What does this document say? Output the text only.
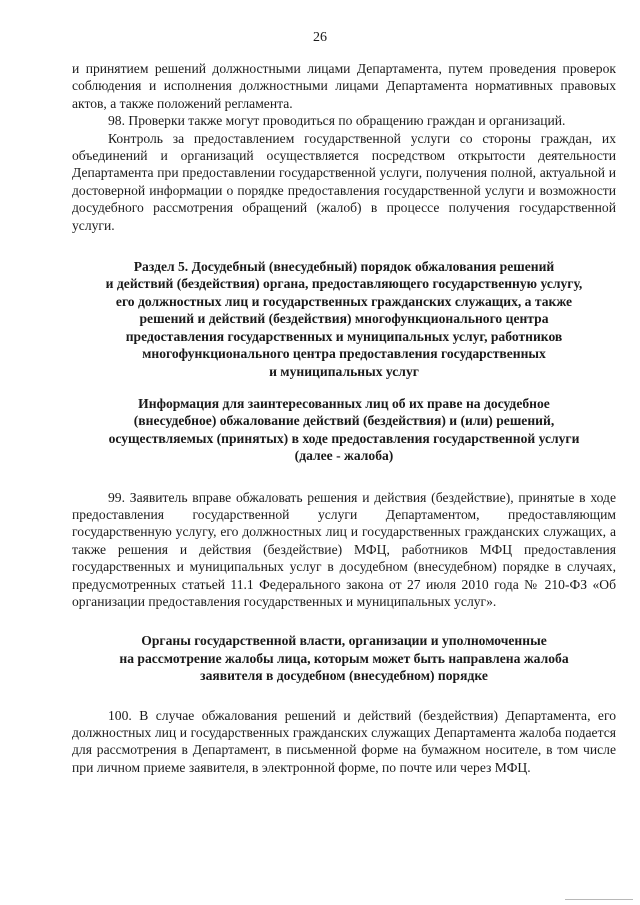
26

и принятием решений должностными лицами Департамента, путем проведения проверок соблюдения и исполнения должностными лицами Департамента нормативных правовых актов, а также положений регламента.

98. Проверки также могут проводиться по обращению граждан и организаций.

Контроль за предоставлением государственной услуги со стороны граждан, их объединений и организаций осуществляется посредством открытости деятельности Департамента при предоставлении государственной услуги, получения полной, актуальной и достоверной информации о порядке предоставления государственной услуги и возможности досудебного рассмотрения обращений (жалоб) в процессе получения государственной услуги.

Раздел 5. Досудебный (внесудебный) порядок обжалования решений
и действий (бездействия) органа, предоставляющего государственную услугу,
его должностных лиц и государственных гражданских служащих, а также
решений и действий (бездействия) многофункционального центра
предоставления государственных и муниципальных услуг, работников
многофункционального центра предоставления государственных
и муниципальных услуг
Информация для заинтересованных лиц об их праве на досудебное
(внесудебное) обжалование действий (бездействия) и (или) решений,
осуществляемых (принятых) в ходе предоставления государственной услуги
(далее - жалоба)

99. Заявитель вправе обжаловать решения и действия (бездействие), принятые в ходе предоставления государственной услуги Департаментом, предоставляющим государственную услугу, его должностных лиц и государственных гражданских служащих, а также решения и действия (бездействие) МФЦ, работников МФЦ предоставления государственных и муниципальных услуг в досудебном (внесудебном) порядке в случаях, предусмотренных статьей 11.1 Федерального закона от 27 июля 2010 года № 210-ФЗ «Об организации предоставления государственных и муниципальных услуг».

Органы государственной власти, организации и уполномоченные
на рассмотрение жалобы лица, которым может быть направлена жалоба
заявителя в досудебном (внесудебном) порядке

100. В случае обжалования решений и действий (бездействия) Департамента, его должностных лиц и государственных гражданских служащих Департамента жалоба подается для рассмотрения в Департамент, в письменной форме на бумажном носителе, в том числе при личном приеме заявителя, в электронной форме, по почте или через МФЦ.
